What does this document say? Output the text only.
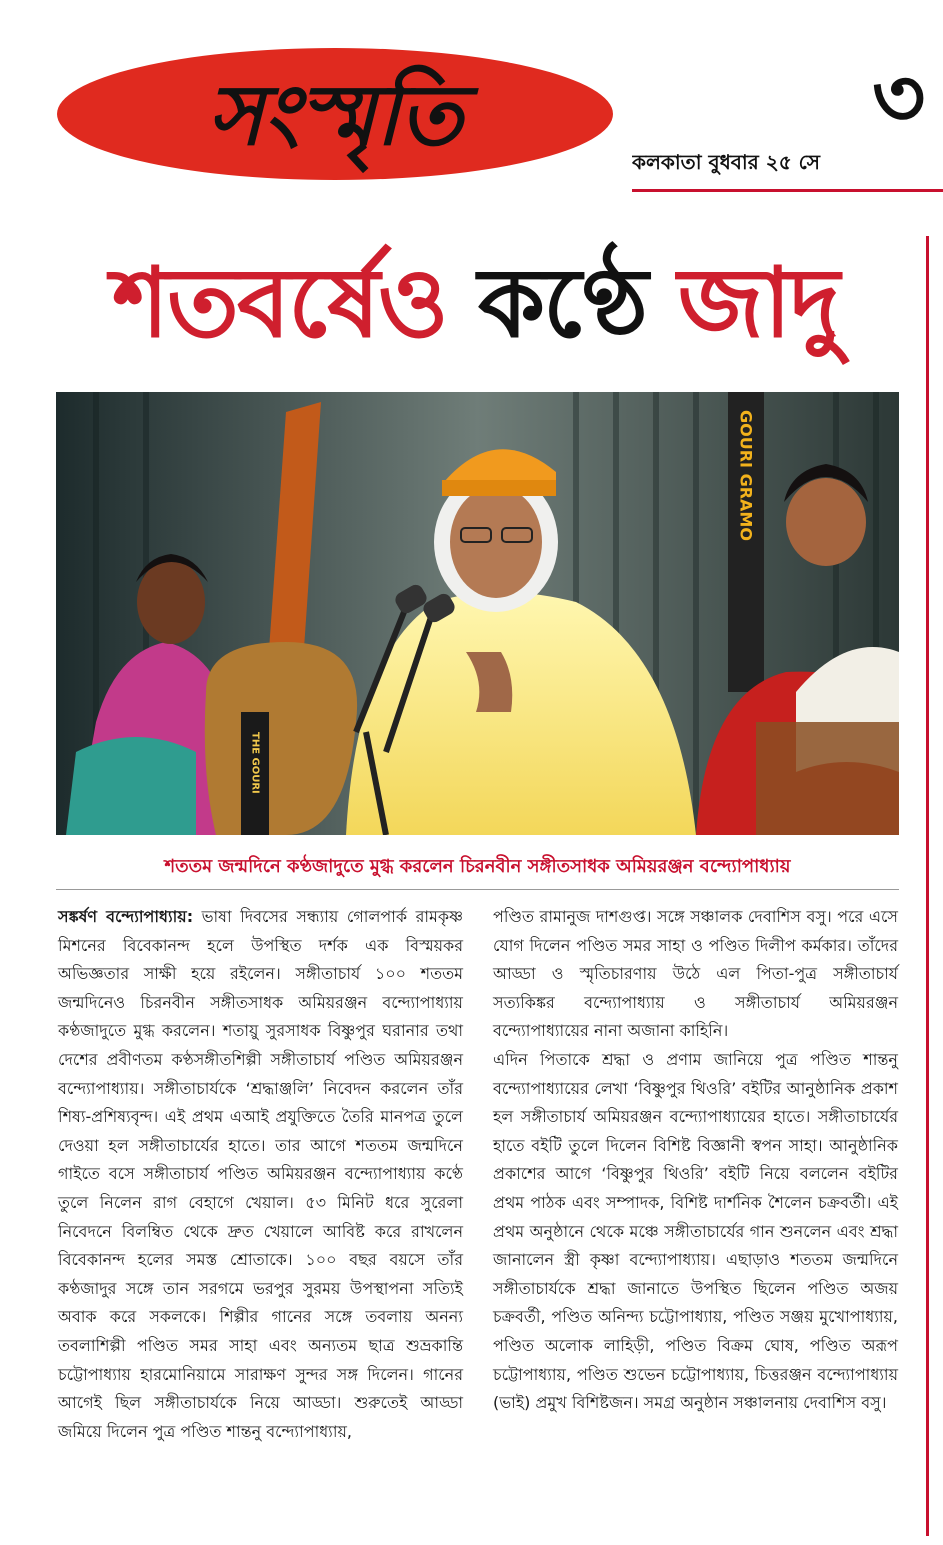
সংস্মৃতি	৩
কলকাতা বুধবার ২৫ সে
শতবর্ষেও কণ্ঠে জাদু
THE GOURI
GOURI GRAMO
শততম জন্মদিনে কণ্ঠজাদুতে মুগ্ধ করলেন চিরনবীন সঙ্গীতসাধক অমিয়রঞ্জন বন্দ্যোপাধ্যায়

সঙ্কর্ষণ বন্দ্যোপাধ্যায়: ভাষা দিবসের সন্ধ্যায় গোলপার্ক রামকৃষ্ণ মিশনের বিবেকানন্দ হলে উপস্থিত দর্শক এক বিস্ময়কর অভিজ্ঞতার সাক্ষী হয়ে রইলেন। সঙ্গীতাচার্য ১০০ শততম জন্মদিনেও চিরনবীন সঙ্গীতসাধক অমিয়রঞ্জন বন্দ্যোপাধ্যায় কণ্ঠজাদুতে মুগ্ধ করলেন। শতায়ু সুরসাধক বিষ্ণুপুর ঘরানার তথা দেশের প্রবীণতম কণ্ঠসঙ্গীতশিল্পী সঙ্গীতাচার্য পণ্ডিত অমিয়রঞ্জন বন্দ্যোপাধ্যায়। সঙ্গীতাচার্যকে ‘শ্রদ্ধাঞ্জলি’ নিবেদন করলেন তাঁর শিষ্য-প্রশিষ্যবৃন্দ। এই প্রথম এআই প্রযুক্তিতে তৈরি মানপত্র তুলে দেওয়া হল সঙ্গীতাচার্যের হাতে। তার আগে শততম জন্মদিনে গাইতে বসে সঙ্গীতাচার্য পণ্ডিত অমিয়রঞ্জন বন্দ্যোপাধ্যায় কণ্ঠে তুলে নিলেন রাগ বেহাগে খেয়াল। ৫৩ মিনিট ধরে সুরেলা নিবেদনে বিলম্বিত থেকে দ্রুত খেয়ালে আবিষ্ট করে রাখলেন বিবেকানন্দ হলের সমস্ত শ্রোতাকে। ১০০ বছর বয়সে তাঁর কণ্ঠজাদুর সঙ্গে তান সরগমে ভরপুর সুরময় উপস্থাপনা সত্যিই অবাক করে সকলকে। শিল্পীর গানের সঙ্গে তবলায় অনন্য তবলাশিল্পী পণ্ডিত সমর সাহা এবং অন্যতম ছাত্র শুভ্রকান্তি চট্টোপাধ্যায় হারমোনিয়ামে সারাক্ষণ সুন্দর সঙ্গ দিলেন। গানের আগেই ছিল সঙ্গীতাচার্যকে নিয়ে আড্ডা। শুরুতেই আড্ডা জমিয়ে দিলেন পুত্র পণ্ডিত শান্তনু বন্দ্যোপাধ্যায়,

পণ্ডিত রামানুজ দাশগুপ্ত। সঙ্গে সঞ্চালক দেবাশিস বসু। পরে এসে যোগ দিলেন পণ্ডিত সমর সাহা ও পণ্ডিত দিলীপ কর্মকার। তাঁদের আড্ডা ও স্মৃতিচারণায় উঠে এল পিতা-পুত্র সঙ্গীতাচার্য সত্যকিঙ্কর বন্দ্যোপাধ্যায় ও সঙ্গীতাচার্য অমিয়রঞ্জন বন্দ্যোপাধ্যায়ের নানা অজানা কাহিনি।

এদিন পিতাকে শ্রদ্ধা ও প্রণাম জানিয়ে পুত্র পণ্ডিত শান্তনু বন্দ্যোপাধ্যায়ের লেখা ‘বিষ্ণুপুর থিওরি’ বইটির আনুষ্ঠানিক প্রকাশ হল সঙ্গীতাচার্য অমিয়রঞ্জন বন্দ্যোপাধ্যায়ের হাতে। সঙ্গীতাচার্যের হাতে বইটি তুলে দিলেন বিশিষ্ট বিজ্ঞানী স্বপন সাহা। আনুষ্ঠানিক প্রকাশের আগে ‘বিষ্ণুপুর থিওরি’ বইটি নিয়ে বললেন বইটির প্রথম পাঠক এবং সম্পাদক, বিশিষ্ট দার্শনিক শৈলেন চক্রবর্তী। এই প্রথম অনুষ্ঠানে থেকে মঞ্চে সঙ্গীতাচার্যের গান শুনলেন এবং শ্রদ্ধা জানালেন স্ত্রী কৃষ্ণা বন্দ্যোপাধ্যায়। এছাড়াও শততম জন্মদিনে সঙ্গীতাচার্যকে শ্রদ্ধা জানাতে উপস্থিত ছিলেন পণ্ডিত অজয় চক্রবর্তী, পণ্ডিত অনিন্দ্য চট্টোপাধ্যায়, পণ্ডিত সঞ্জয় মুখোপাধ্যায়, পণ্ডিত অলোক লাহিড়ী, পণ্ডিত বিক্রম ঘোষ, পণ্ডিত অরূপ চট্টোপাধ্যায়, পণ্ডিত শুভেন চট্টোপাধ্যায়, চিত্তরঞ্জন বন্দ্যোপাধ্যায় (ভাই) প্রমুখ বিশিষ্টজন। সমগ্র অনুষ্ঠান সঞ্চালনায় দেবাশিস বসু।
